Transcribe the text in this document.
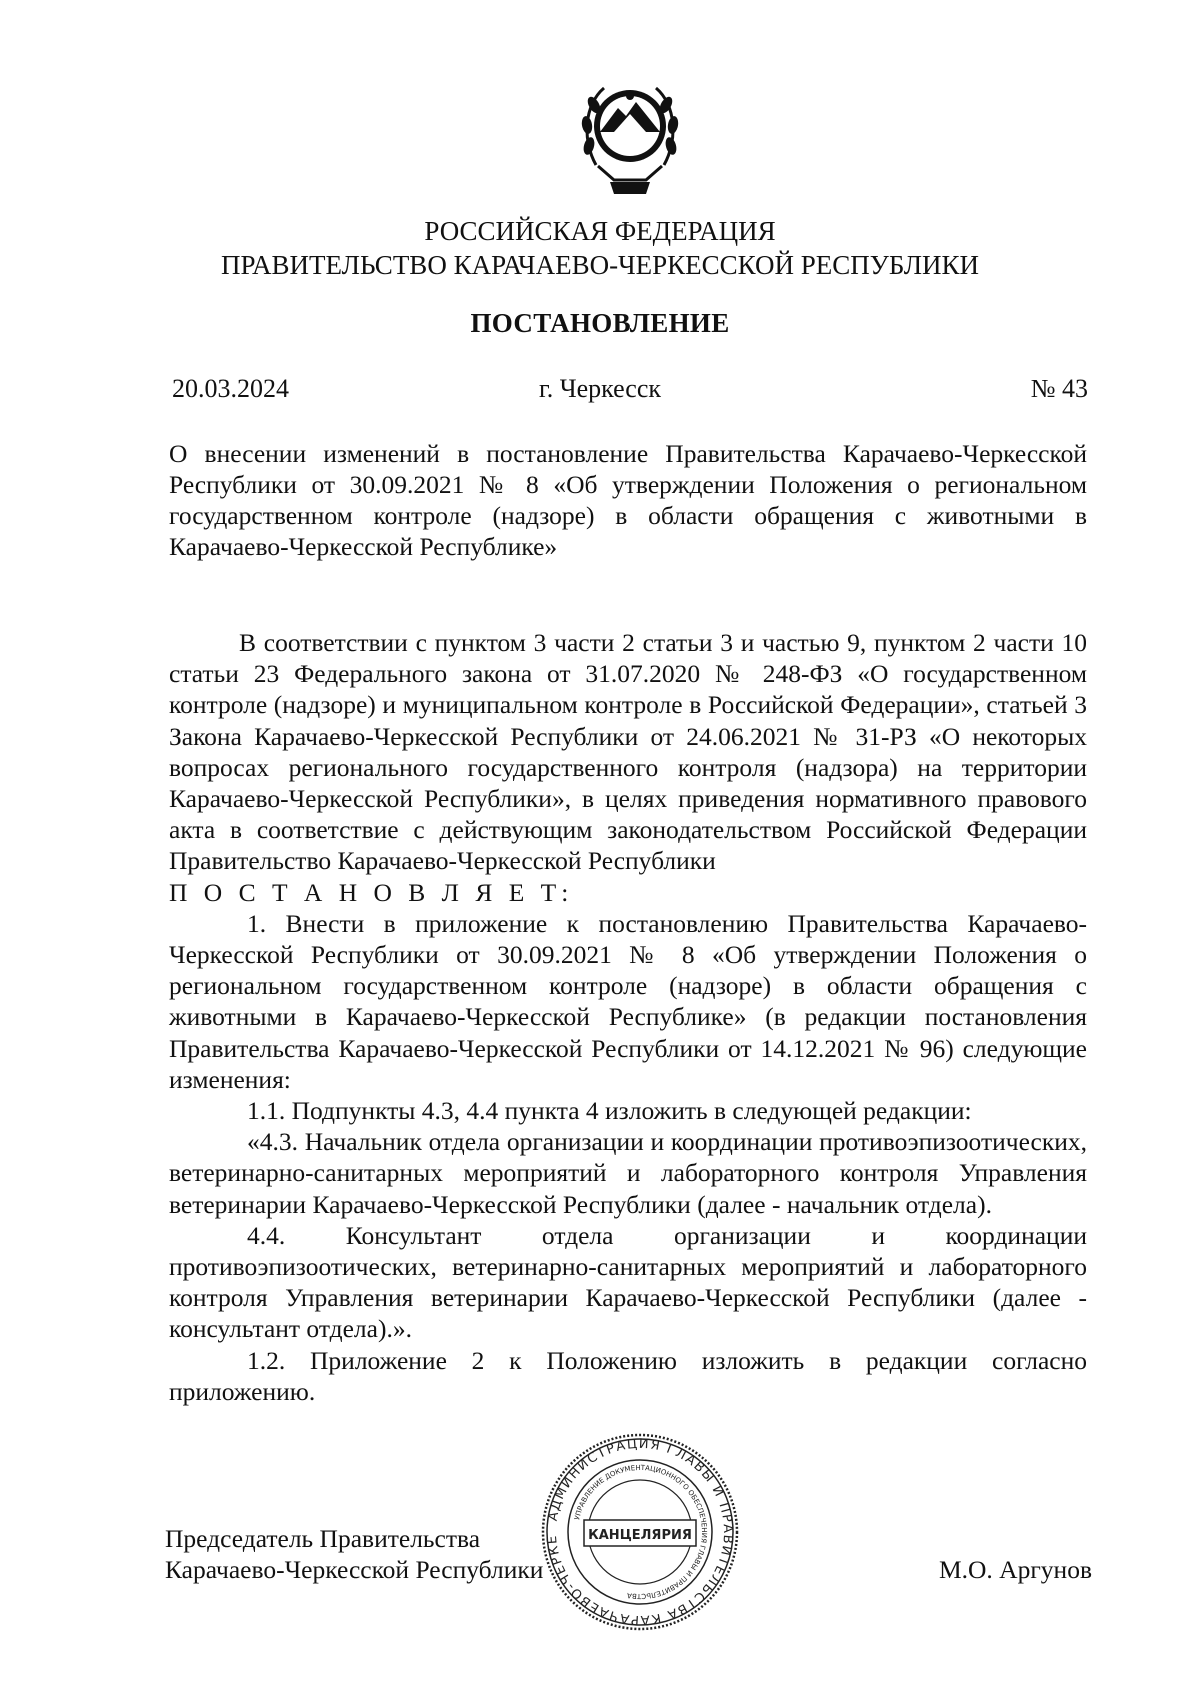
РОССИЙСКАЯ ФЕДЕРАЦИЯ
ПРАВИТЕЛЬСТВО КАРАЧАЕВО-ЧЕРКЕССКОЙ РЕСПУБЛИКИ
ПОСТАНОВЛЕНИЕ
20.03.2024	г. Черкесск	№ 43
О внесении изменений в постановление Правительства Карачаево-Черкесской Республики от 30.09.2021 № 8 «Об утверждении Положения о региональном государственном контроле (надзоре) в области обращения с животными в Карачаево-Черкесской Республике»

В соответствии с пунктом 3 части 2 статьи 3 и частью 9, пунктом 2 части 10 статьи 23 Федерального закона от 31.07.2020 № 248-ФЗ «О государственном контроле (надзоре) и муниципальном контроле в Российской Федерации», статьей 3 Закона Карачаево-Черкесской Республики от 24.06.2021 № 31-РЗ «О некоторых вопросах регионального государственного контроля (надзора) на территории Карачаево-Черкесской Республики», в целях приведения нормативного правового акта в соответствие с действующим законодательством Российской Федерации Правительство Карачаево-Черкесской Республики

П О С Т А Н О В Л Я Е Т:

1. Внести в приложение к постановлению Правительства Карачаево-Черкесской Республики от 30.09.2021 № 8 «Об утверждении Положения о региональном государственном контроле (надзоре) в области обращения с животными в Карачаево-Черкесской Республике» (в редакции постановления Правительства Карачаево-Черкесской Республики от 14.12.2021 № 96) следующие изменения:

1.1. Подпункты 4.3, 4.4 пункта 4 изложить в следующей редакции:

«4.3. Начальник отдела организации и координации противоэпизоотических, ветеринарно-санитарных мероприятий и лабораторного контроля Управления ветеринарии Карачаево-Черкесской Республики (далее - начальник отдела).

4.4. Консультант отдела организации и координации противоэпизоотических, ветеринарно-санитарных мероприятий и лабораторного контроля Управления ветеринарии Карачаево-Черкесской Республики (далее - консультант отдела).».

1.2. Приложение 2 к Положению изложить в редакции согласно приложению.

Председатель Правительства
Карачаево-Черкесской Республики	М.О. Аргунов
АДМИНИСТРАЦИЯ ГЛАВЫ И ПРАВИТЕЛЬСТВА КАРАЧАЕВО-ЧЕРКЕ
УПРАВЛЕНИЕ ДОКУМЕНТАЦИОННОГО ОБЕСПЕЧЕНИЯ ГЛАВЫ И ПРАВИТЕЛЬСТВА
КАНЦЕЛЯРИЯ
